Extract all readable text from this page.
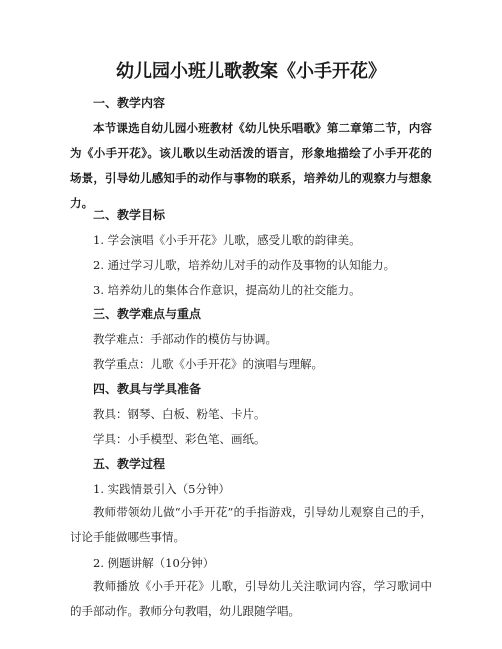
幼儿园小班儿歌教案《小手开花》
一、教学内容
本节课选自幼儿园小班教材《幼儿快乐唱歌》第二章第二节，内容为《小手开花》。该儿歌以生动活泼的语言，形象地描绘了小手开花的场景，引导幼儿感知手的动作与事物的联系，培养幼儿的观察力与想象力。
二、教学目标
1. 学会演唱《小手开花》儿歌，感受儿歌的韵律美。
2. 通过学习儿歌，培养幼儿对手的动作及事物的认知能力。
3. 培养幼儿的集体合作意识，提高幼儿的社交能力。
三、教学难点与重点
教学难点：手部动作的模仿与协调。
教学重点：儿歌《小手开花》的演唱与理解。
四、教具与学具准备
教具：钢琴、白板、粉笔、卡片。
学具：小手模型、彩色笔、画纸。
五、教学过程
1. 实践情景引入（5分钟）
教师带领幼儿做“小手开花”的手指游戏，引导幼儿观察自己的手，讨论手能做哪些事情。
2. 例题讲解（10分钟）
教师播放《小手开花》儿歌，引导幼儿关注歌词内容，学习歌词中的手部动作。教师分句教唱，幼儿跟随学唱。
